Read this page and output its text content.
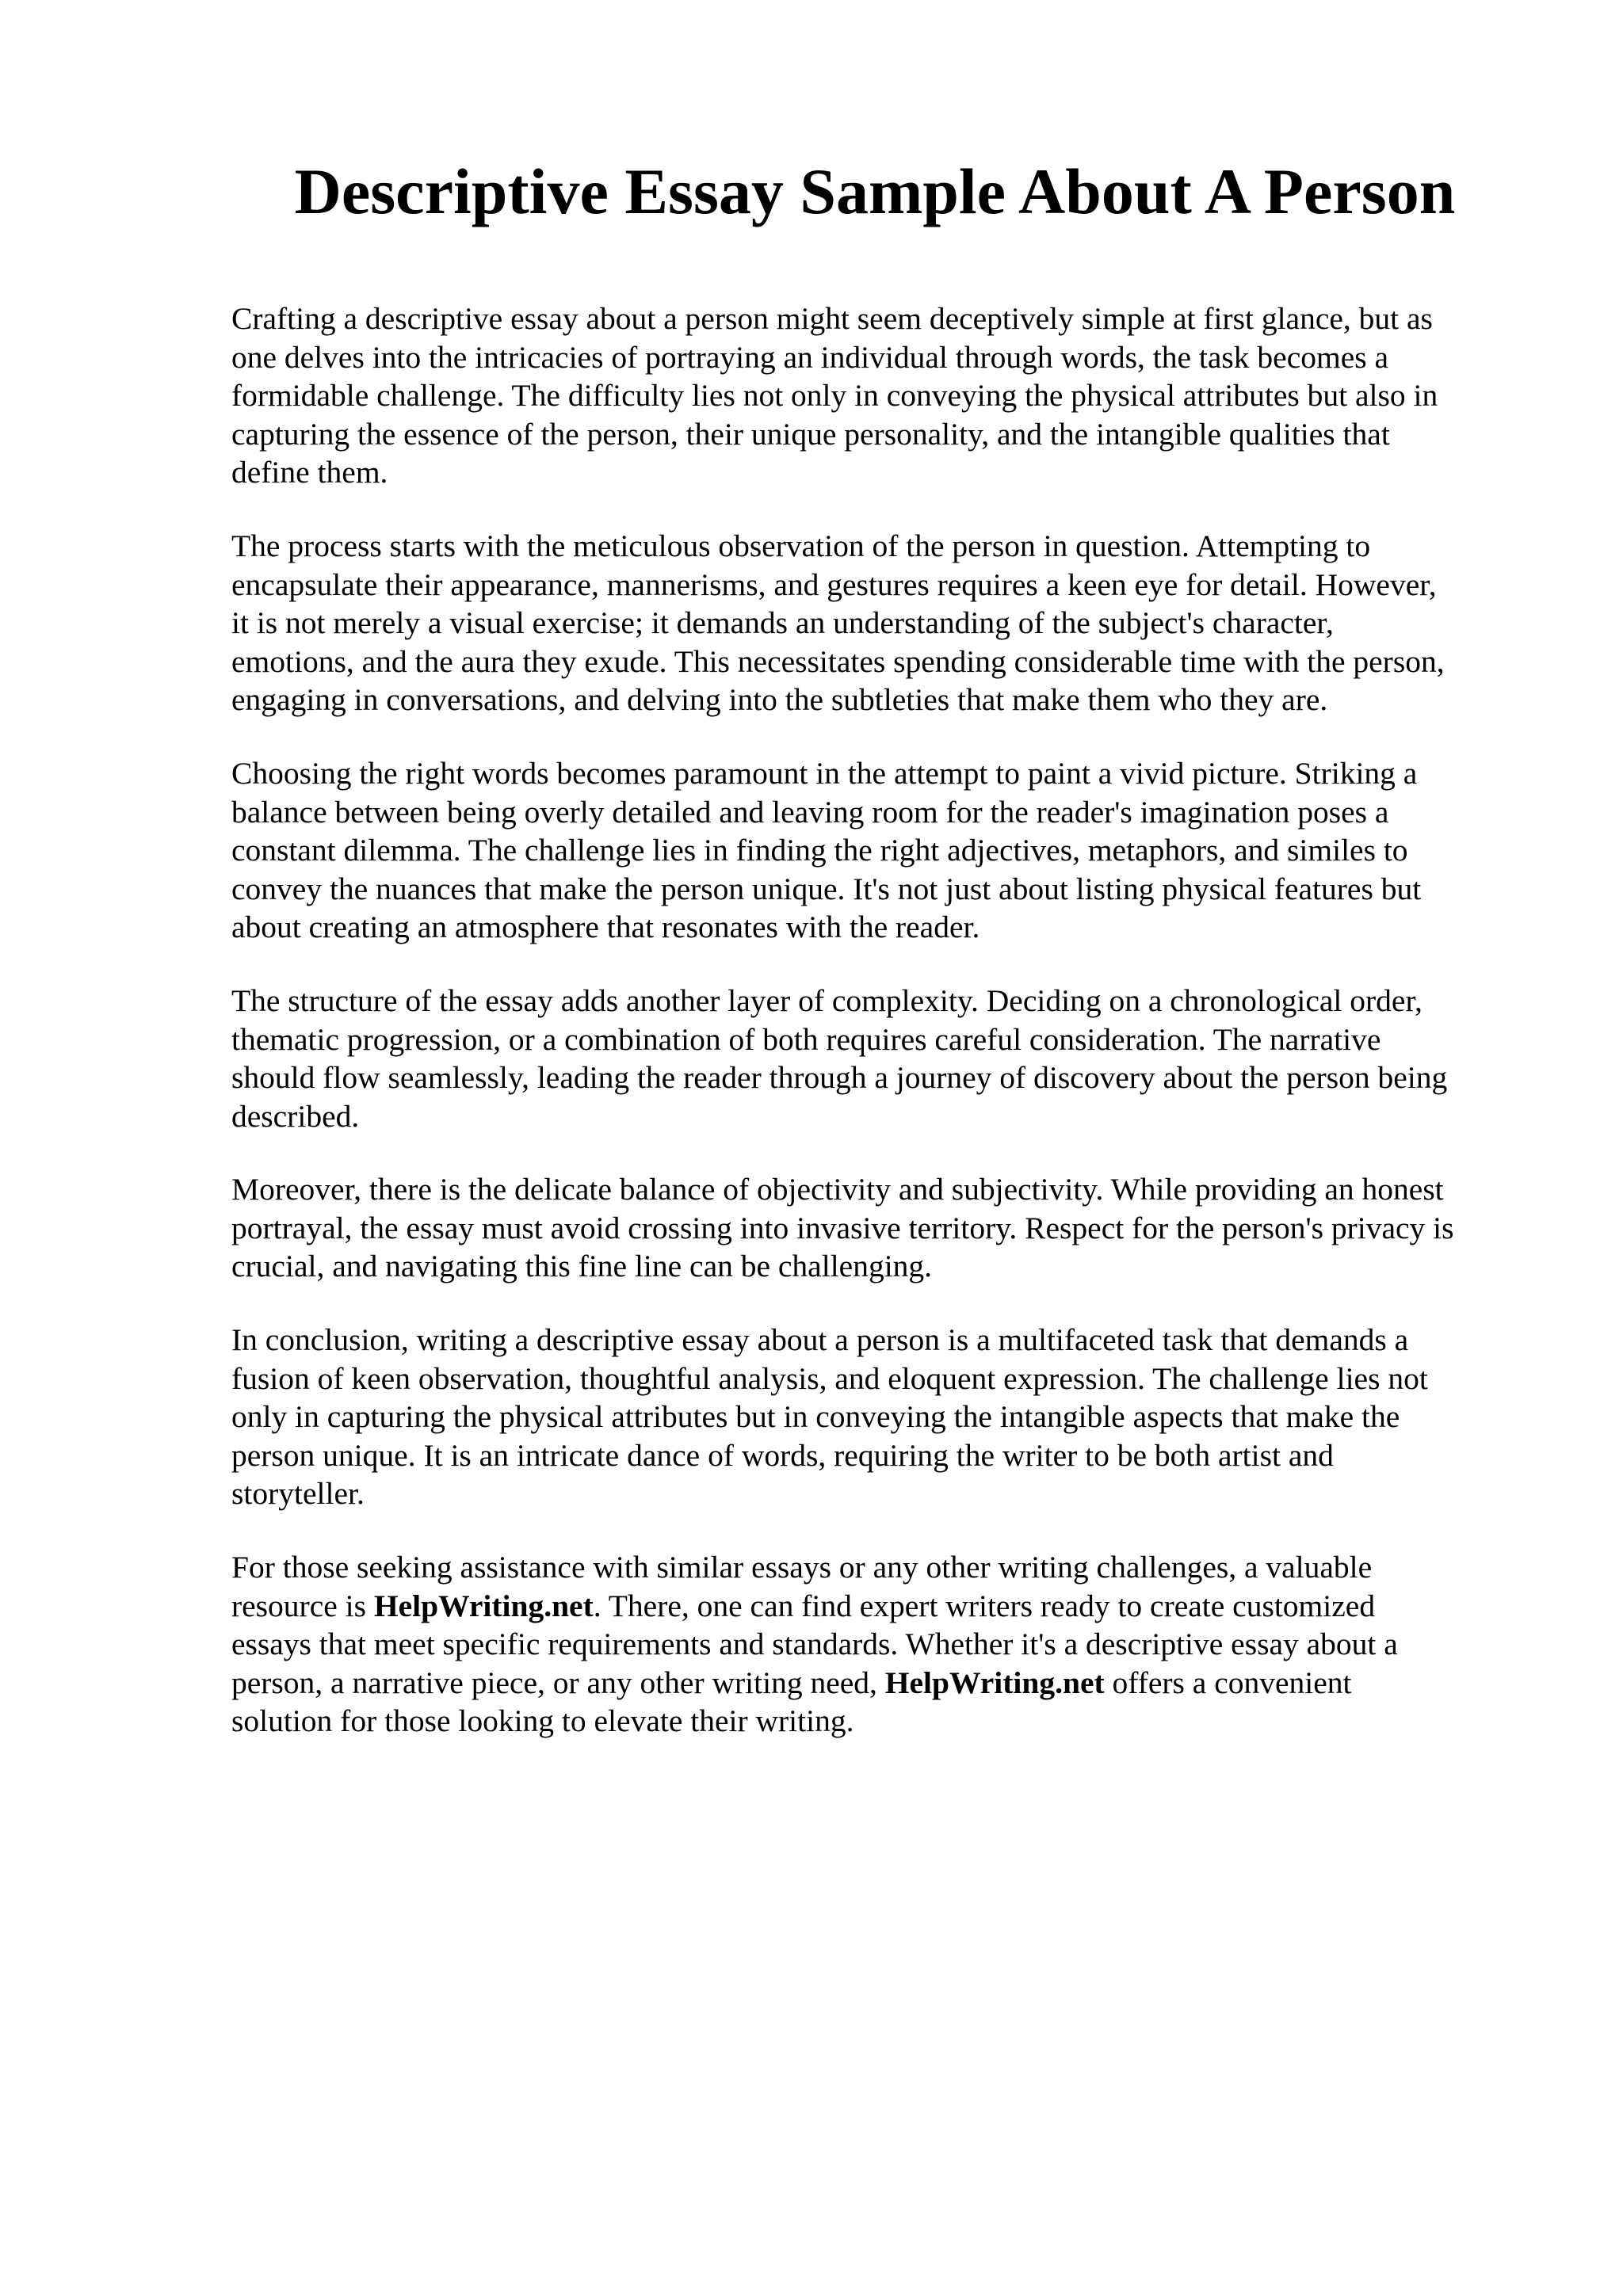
Descriptive Essay Sample About A Person

Crafting a descriptive essay about a person might seem deceptively simple at first glance, but as
one delves into the intricacies of portraying an individual through words, the task becomes a
formidable challenge. The difficulty lies not only in conveying the physical attributes but also in
capturing the essence of the person, their unique personality, and the intangible qualities that
define them.

The process starts with the meticulous observation of the person in question. Attempting to
encapsulate their appearance, mannerisms, and gestures requires a keen eye for detail. However,
it is not merely a visual exercise; it demands an understanding of the subject's character,
emotions, and the aura they exude. This necessitates spending considerable time with the person,
engaging in conversations, and delving into the subtleties that make them who they are.

Choosing the right words becomes paramount in the attempt to paint a vivid picture. Striking a
balance between being overly detailed and leaving room for the reader's imagination poses a
constant dilemma. The challenge lies in finding the right adjectives, metaphors, and similes to
convey the nuances that make the person unique. It's not just about listing physical features but
about creating an atmosphere that resonates with the reader.

The structure of the essay adds another layer of complexity. Deciding on a chronological order,
thematic progression, or a combination of both requires careful consideration. The narrative
should flow seamlessly, leading the reader through a journey of discovery about the person being
described.

Moreover, there is the delicate balance of objectivity and subjectivity. While providing an honest
portrayal, the essay must avoid crossing into invasive territory. Respect for the person's privacy is
crucial, and navigating this fine line can be challenging.

In conclusion, writing a descriptive essay about a person is a multifaceted task that demands a
fusion of keen observation, thoughtful analysis, and eloquent expression. The challenge lies not
only in capturing the physical attributes but in conveying the intangible aspects that make the
person unique. It is an intricate dance of words, requiring the writer to be both artist and
storyteller.

For those seeking assistance with similar essays or any other writing challenges, a valuable
resource is HelpWriting.net. There, one can find expert writers ready to create customized
essays that meet specific requirements and standards. Whether it's a descriptive essay about a
person, a narrative piece, or any other writing need, HelpWriting.net offers a convenient
solution for those looking to elevate their writing.
